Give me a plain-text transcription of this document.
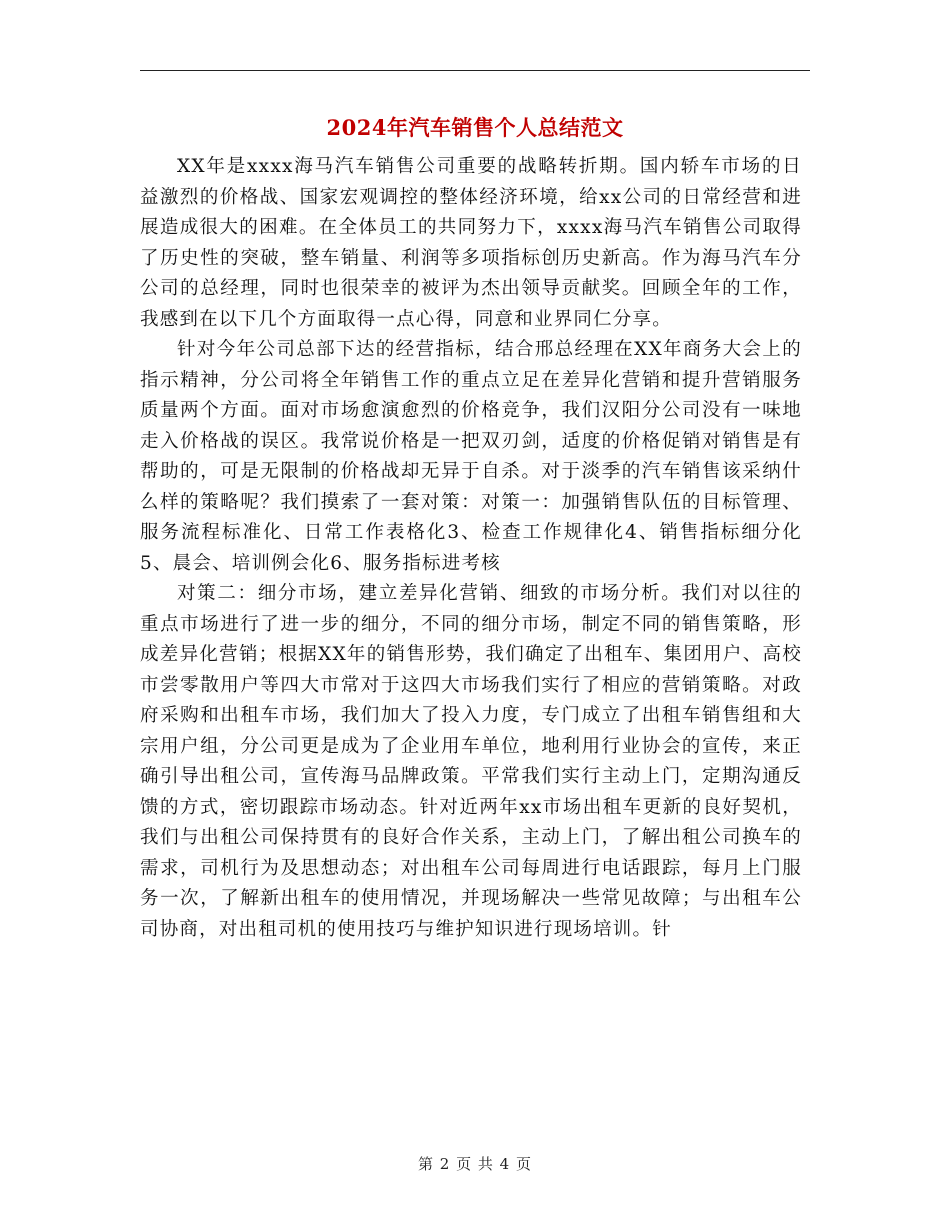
2024年汽车销售个人总结范文

XX年是xxxx海马汽车销售公司重要的战略转折期。国内轿车市场的日益激烈的价格战、国家宏观调控的整体经济环境，给xx公司的日常经营和进展造成很大的困难。在全体员工的共同努力下，xxxx海马汽车销售公司取得了历史性的突破，整车销量、利润等多项指标创历史新高。作为海马汽车分公司的总经理，同时也很荣幸的被评为杰出领导贡献奖。回顾全年的工作，我感到在以下几个方面取得一点心得，同意和业界同仁分享。

针对今年公司总部下达的经营指标，结合邢总经理在XX年商务大会上的指示精神，分公司将全年销售工作的重点立足在差异化营销和提升营销服务质量两个方面。面对市场愈演愈烈的价格竞争，我们汉阳分公司没有一味地走入价格战的误区。我常说价格是一把双刃剑，适度的价格促销对销售是有帮助的，可是无限制的价格战却无异于自杀。对于淡季的汽车销售该采纳什么样的策略呢？我们摸索了一套对策：对策一：加强销售队伍的目标管理、服务流程标准化、日常工作表格化3、检查工作规律化4、销售指标细分化5、晨会、培训例会化6、服务指标进考核

对策二：细分市场，建立差异化营销、细致的市场分析。我们对以往的重点市场进行了进一步的细分，不同的细分市场，制定不同的销售策略，形成差异化营销；根据XX年的销售形势，我们确定了出租车、集团用户、高校市尝零散用户等四大市常对于这四大市场我们实行了相应的营销策略。对政府采购和出租车市场，我们加大了投入力度，专门成立了出租车销售组和大宗用户组，分公司更是成为了企业用车单位，地利用行业协会的宣传，来正确引导出租公司，宣传海马品牌政策。平常我们实行主动上门，定期沟通反馈的方式，密切跟踪市场动态。针对近两年xx市场出租车更新的良好契机，我们与出租公司保持贯有的良好合作关系，主动上门，了解出租公司换车的需求，司机行为及思想动态；对出租车公司每周进行电话跟踪，每月上门服务一次，了解新出租车的使用情况，并现场解决一些常见故障；与出租车公司协商，对出租司机的使用技巧与维护知识进行现场培训。针

第 2 页 共 4 页
